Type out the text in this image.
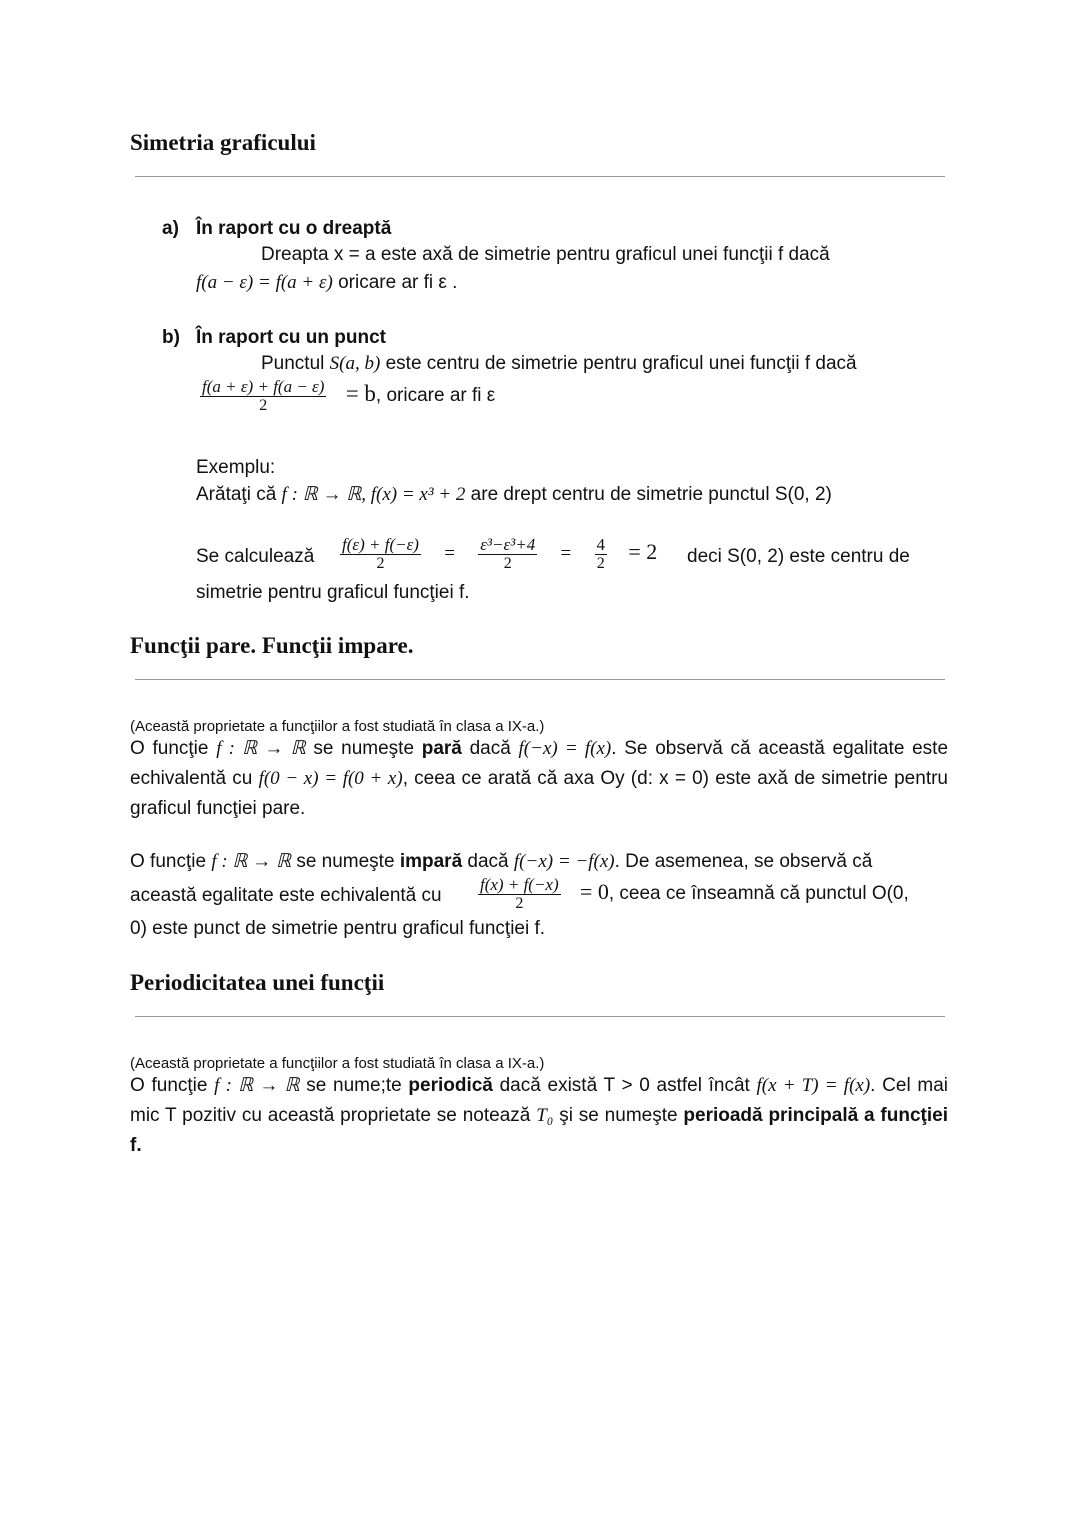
Simetria graficului
a) În raport cu o dreaptă
Dreapta x = a este axă de simetrie pentru graficul unei funcţii f dacă
f(a − ε) = f(a + ε) oricare ar fi ε .
b) În raport cu un punct
Punctul S(a, b) este centru de simetrie pentru graficul unei funcţii f dacă
$\frac{f(a + \varepsilon) + f(a - \varepsilon)}{2} = b$, oricare ar fi ε
Exemplu:
Arătaţi că f : ℝ → ℝ, f(x) = x³ + 2 are drept centru de simetrie punctul S(0, 2)
Se calculează $\frac{f(\varepsilon) + f(-\varepsilon)}{2} = \frac{\text{ε³−ε³+4}}{2} = \frac{4}{2} = 2$ deci S(0, 2) este centru de
simetrie pentru graficul funcţiei f.
Funcţii pare. Funcţii impare.
(Această proprietate a funcţiilor a fost studiată în clasa a IX-a.)
O funcţie f : ℝ → ℝ se numeşte pară dacă f(−x) = f(x). Se observă că această egalitate este echivalentă cu f(0 − x) = f(0 + x), ceea ce arată că axa Oy (d: x = 0) este axă de simetrie pentru graficul funcţiei pare.
O funcţie f : ℝ → ℝ se numeşte impară dacă f(−x) = −f(x). De asemenea, se observă că
această egalitate este echivalentă cu $\frac{f(x) + f(-x)}{2} = 0$, ceea ce înseamnă că punctul O(0,
0) este punct de simetrie pentru graficul funcţiei f.
Periodicitatea unei funcţii
(Această proprietate a funcţiilor a fost studiată în clasa a IX-a.)
O funcţie f : ℝ → ℝ se nume;te periodică dacă există T > 0 astfel încât f(x + T) = f(x). Cel mai mic T pozitiv cu această proprietate se notează T₀ şi se numeşte perioadă principală a funcţiei f.
